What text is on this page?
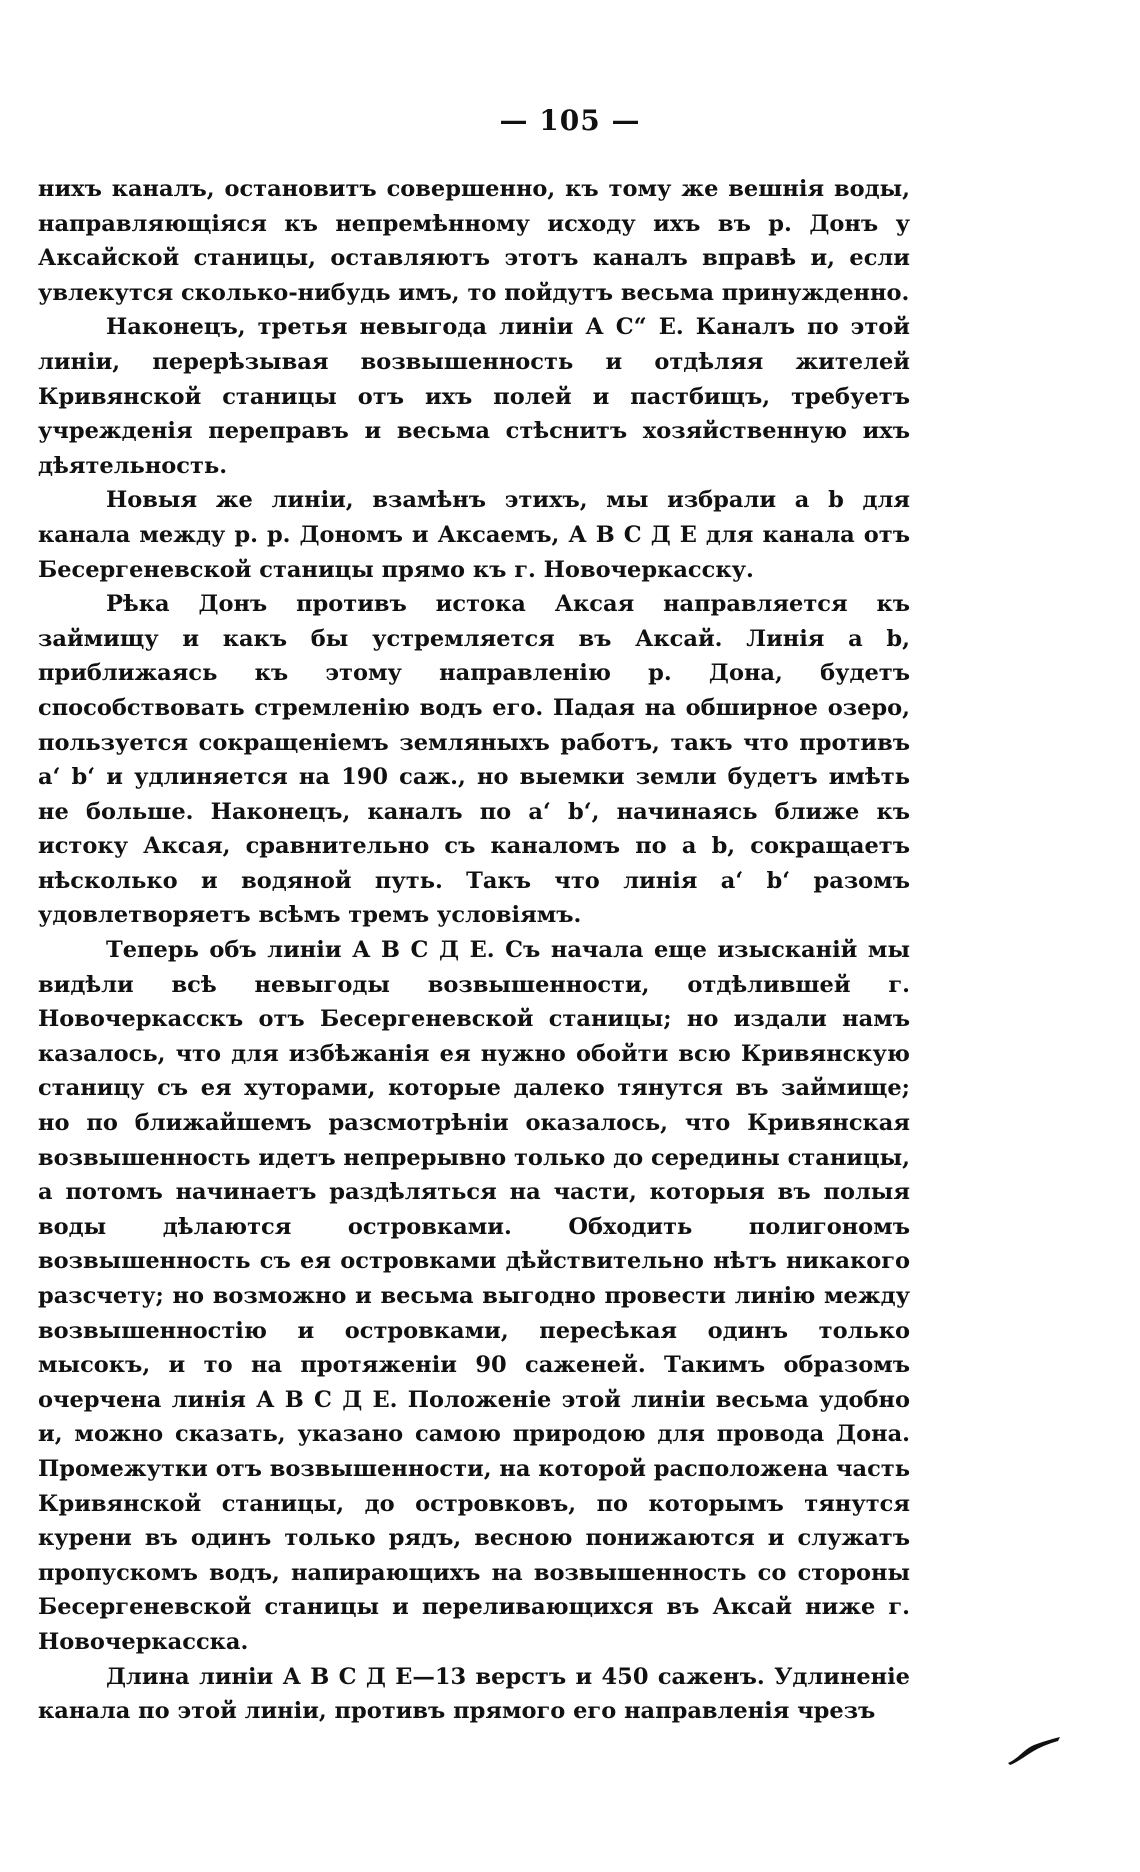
— 105 —

нихъ каналъ, остановитъ совершенно, къ тому же вешнія воды, направляющіяся къ непремѣнному исходу ихъ въ р. Донъ у Аксайской станицы, оставляютъ этотъ каналъ вправѣ и, если увлекутся сколько-нибудь имъ, то пойдутъ весьма принужденно.

Наконецъ, третья невыгода линіи А С“ Е. Каналъ по этой линіи, перерѣзывая возвышенность и отдѣляя жителей Кривянской станицы отъ ихъ полей и пастбищъ, требуетъ учрежденія переправъ и весьма стѣснитъ хозяйственную ихъ дѣятельность.

Новыя же линіи, взамѣнъ этихъ, мы избрали a b для канала между р. р. Дономъ и Аксаемъ, А В С Д Е для канала отъ Бесергеневской станицы прямо къ г. Новочеркасску.

Рѣка Донъ противъ истока Аксая направляется къ займищу и какъ бы устремляется въ Аксай. Линія a b, приближаясь къ этому направленію р. Дона, будетъ способствовать стремленію водъ его. Падая на обширное озеро, пользуется сокращеніемъ земляныхъ работъ, такъ что противъ a‘ b‘ и удлиняется на 190 саж., но выемки земли будетъ имѣть не больше. Наконецъ, каналъ по a‘ b‘, начинаясь ближе къ истоку Аксая, сравнительно съ каналомъ по a b, сокращаетъ нѣсколько и водяной путь. Такъ что линія a‘ b‘ разомъ удовлетворяетъ всѣмъ тремъ условіямъ.

Теперь объ линіи А В С Д Е. Съ начала еще изысканій мы видѣли всѣ невыгоды возвышенности, отдѣлившей г. Новочеркасскъ отъ Бесергеневской станицы; но издали намъ казалось, что для избѣжанія ея нужно обойти всю Кривянскую станицу съ ея хуторами, которые далеко тянутся въ займище; но по ближайшемъ разсмотрѣніи оказалось, что Кривянская возвышенность идетъ непрерывно только до середины станицы, а потомъ начинаетъ раздѣляться на части, которыя въ полыя воды дѣлаются островками. Обходить полигономъ возвышенность съ ея островками дѣйствительно нѣтъ никакого разсчету; но возможно и весьма выгодно провести линію между возвышенностію и островками, пересѣкая одинъ только мысокъ, и то на протяженіи 90 саженей. Такимъ образомъ очерчена линія А В С Д Е. Положеніе этой линіи весьма удобно и, можно сказать, указано самою природою для провода Дона. Промежутки отъ возвышенности, на которой расположена часть Кривянской станицы, до островковъ, по которымъ тянутся курени въ одинъ только рядъ, весною понижаются и служатъ пропускомъ водъ, напирающихъ на возвышенность со стороны Бесергеневской станицы и переливающихся въ Аксай ниже г. Новочеркасска.

Длина линіи А В С Д Е—13 верстъ и 450 саженъ. Удлиненіе канала по этой линіи, противъ прямого его направленія чрезъ
